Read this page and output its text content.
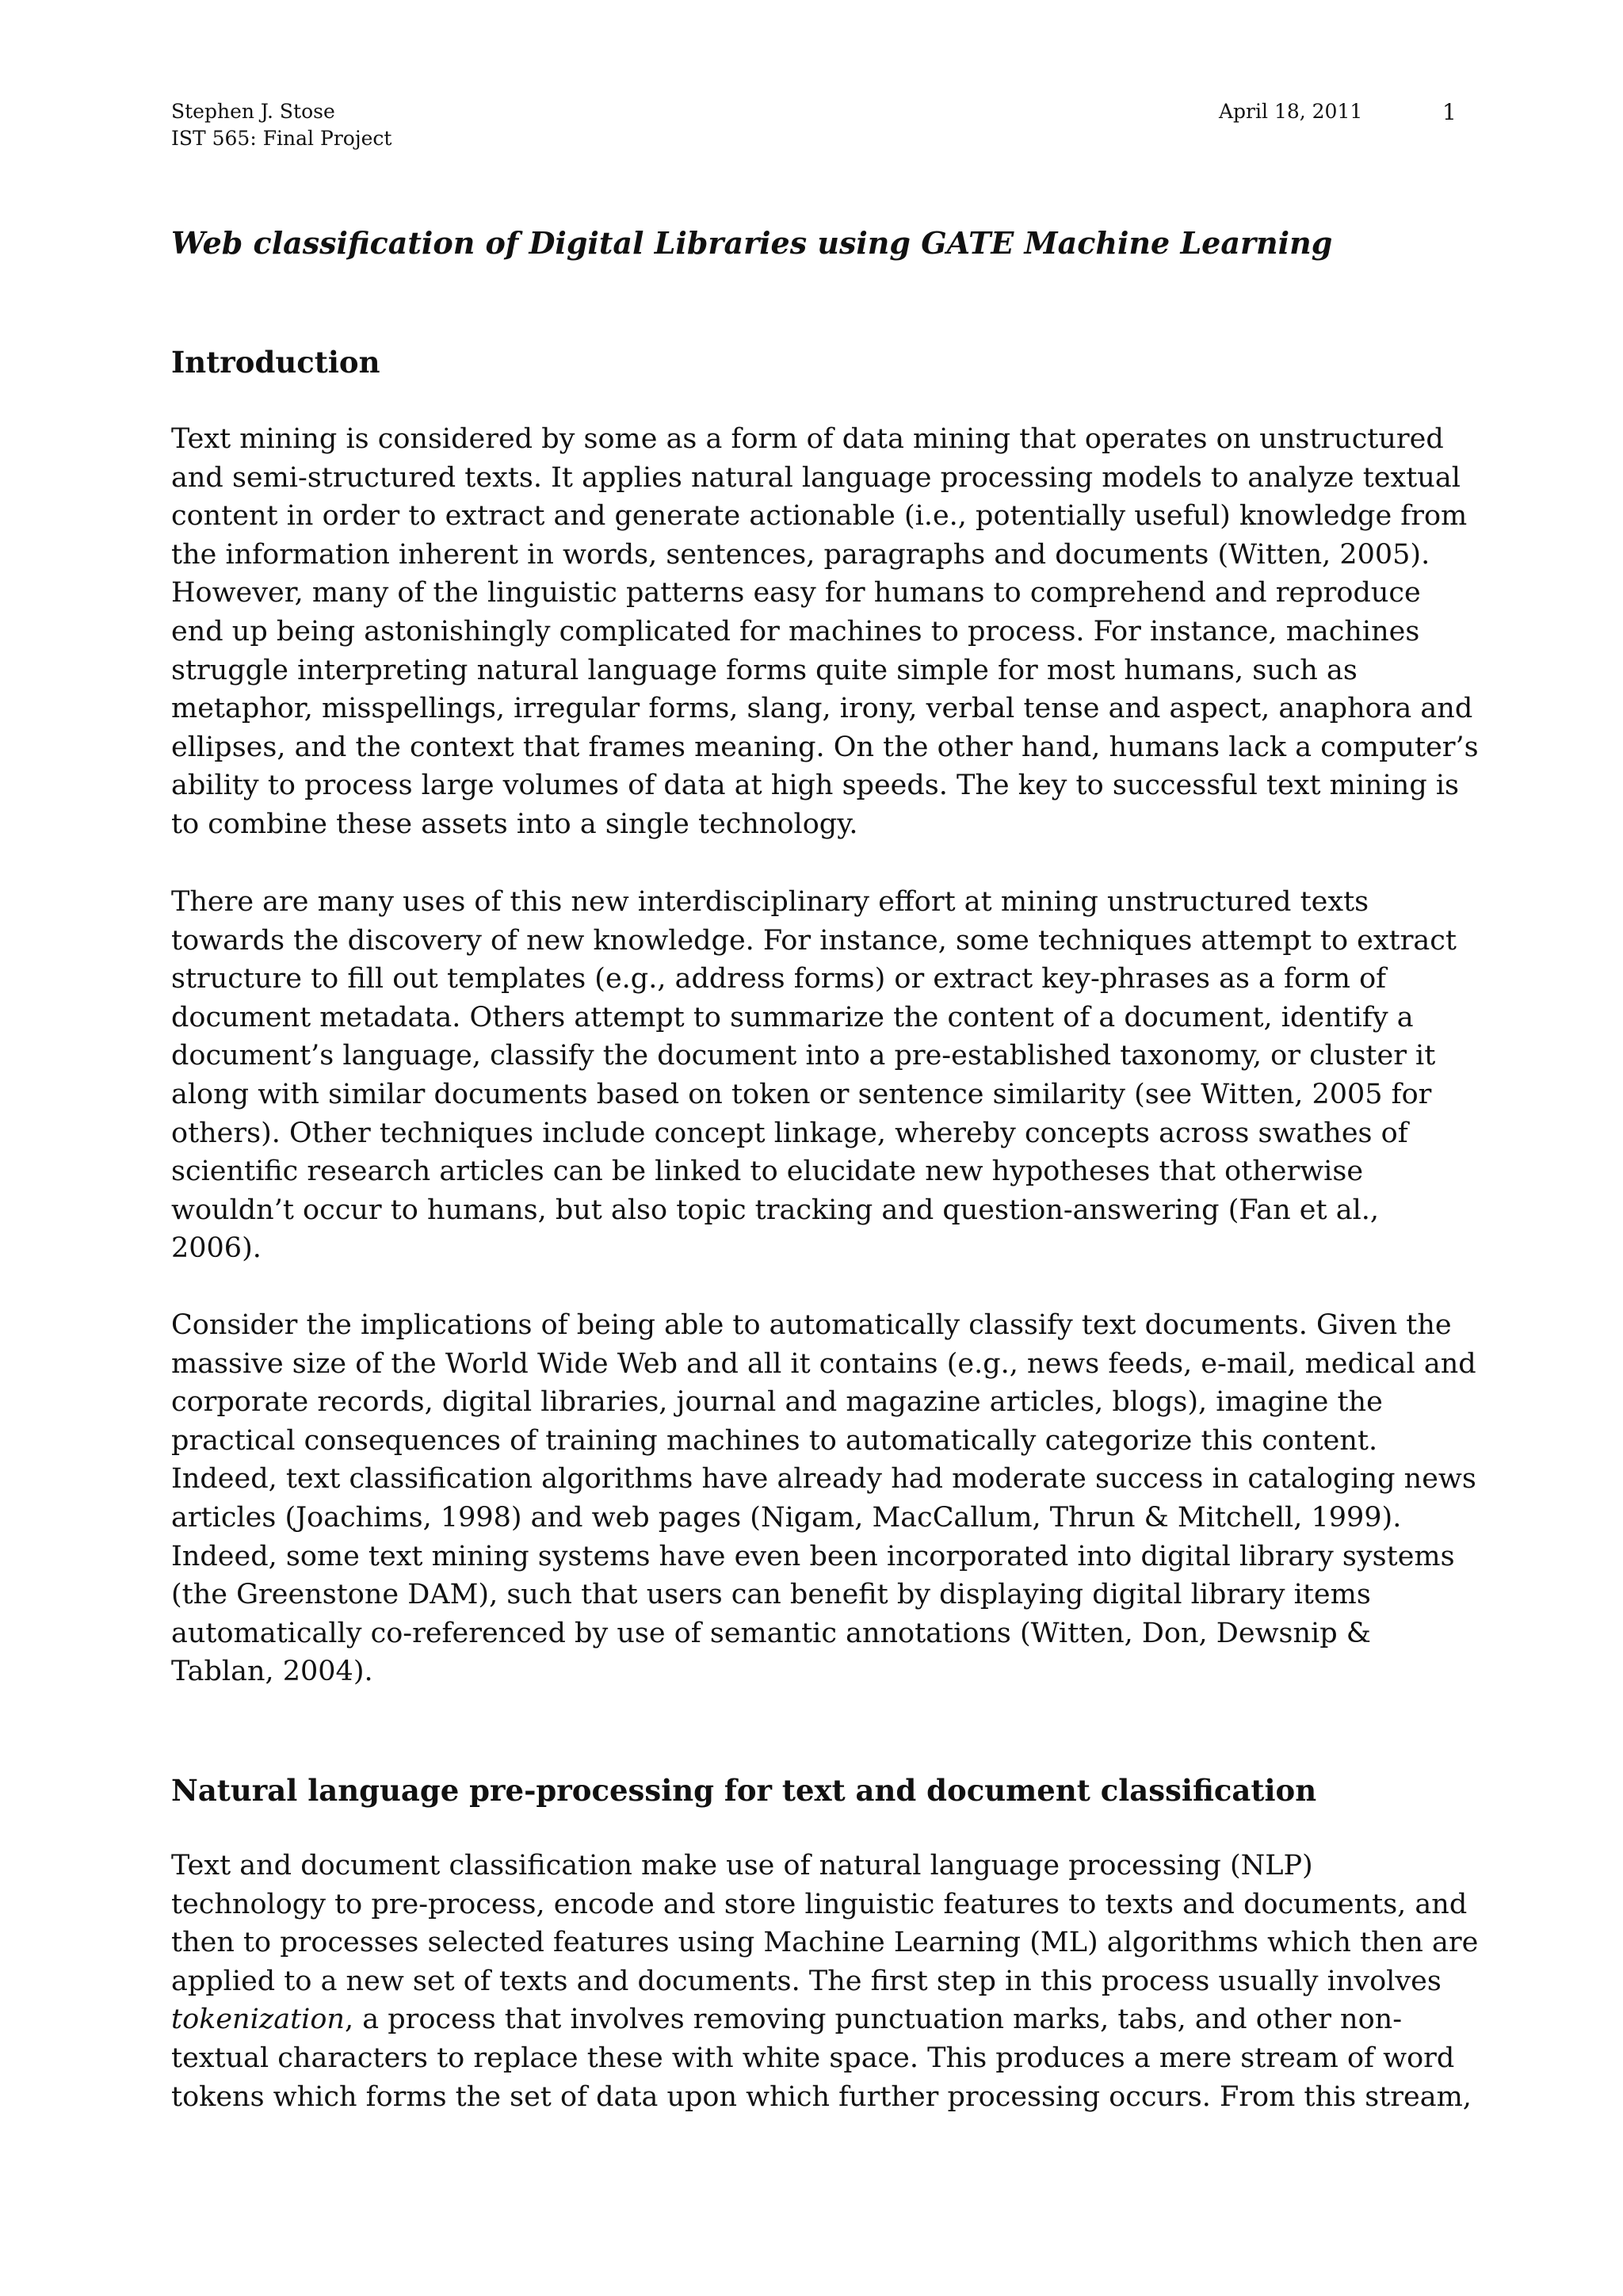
Stephen J. Stose
IST 565: Final Project
April 18, 2011	1
Web classification of Digital Libraries using GATE Machine Learning
Introduction

Text mining is considered by some as a form of data mining that operates on unstructured
and semi-structured texts. It applies natural language processing models to analyze textual
content in order to extract and generate actionable (i.e., potentially useful) knowledge from
the information inherent in words, sentences, paragraphs and documents (Witten, 2005).
However, many of the linguistic patterns easy for humans to comprehend and reproduce
end up being astonishingly complicated for machines to process. For instance, machines
struggle interpreting natural language forms quite simple for most humans, such as
metaphor, misspellings, irregular forms, slang, irony, verbal tense and aspect, anaphora and
ellipses, and the context that frames meaning. On the other hand, humans lack a computer’s
ability to process large volumes of data at high speeds. The key to successful text mining is
to combine these assets into a single technology.

There are many uses of this new interdisciplinary effort at mining unstructured texts
towards the discovery of new knowledge. For instance, some techniques attempt to extract
structure to fill out templates (e.g., address forms) or extract key-phrases as a form of
document metadata. Others attempt to summarize the content of a document, identify a
document’s language, classify the document into a pre-established taxonomy, or cluster it
along with similar documents based on token or sentence similarity (see Witten, 2005 for
others). Other techniques include concept linkage, whereby concepts across swathes of
scientific research articles can be linked to elucidate new hypotheses that otherwise
wouldn’t occur to humans, but also topic tracking and question-answering (Fan et al.,
2006).

Consider the implications of being able to automatically classify text documents. Given the
massive size of the World Wide Web and all it contains (e.g., news feeds, e-mail, medical and
corporate records, digital libraries, journal and magazine articles, blogs), imagine the
practical consequences of training machines to automatically categorize this content.
Indeed, text classification algorithms have already had moderate success in cataloging news
articles (Joachims, 1998) and web pages (Nigam, MacCallum, Thrun & Mitchell, 1999).
Indeed, some text mining systems have even been incorporated into digital library systems
(the Greenstone DAM), such that users can benefit by displaying digital library items
automatically co-referenced by use of semantic annotations (Witten, Don, Dewsnip &
Tablan, 2004).

Natural language pre-processing for text and document classification

Text and document classification make use of natural language processing (NLP)
technology to pre-process, encode and store linguistic features to texts and documents, and
then to processes selected features using Machine Learning (ML) algorithms which then are
applied to a new set of texts and documents. The first step in this process usually involves
tokenization, a process that involves removing punctuation marks, tabs, and other non-
textual characters to replace these with white space. This produces a mere stream of word
tokens which forms the set of data upon which further processing occurs. From this stream,
